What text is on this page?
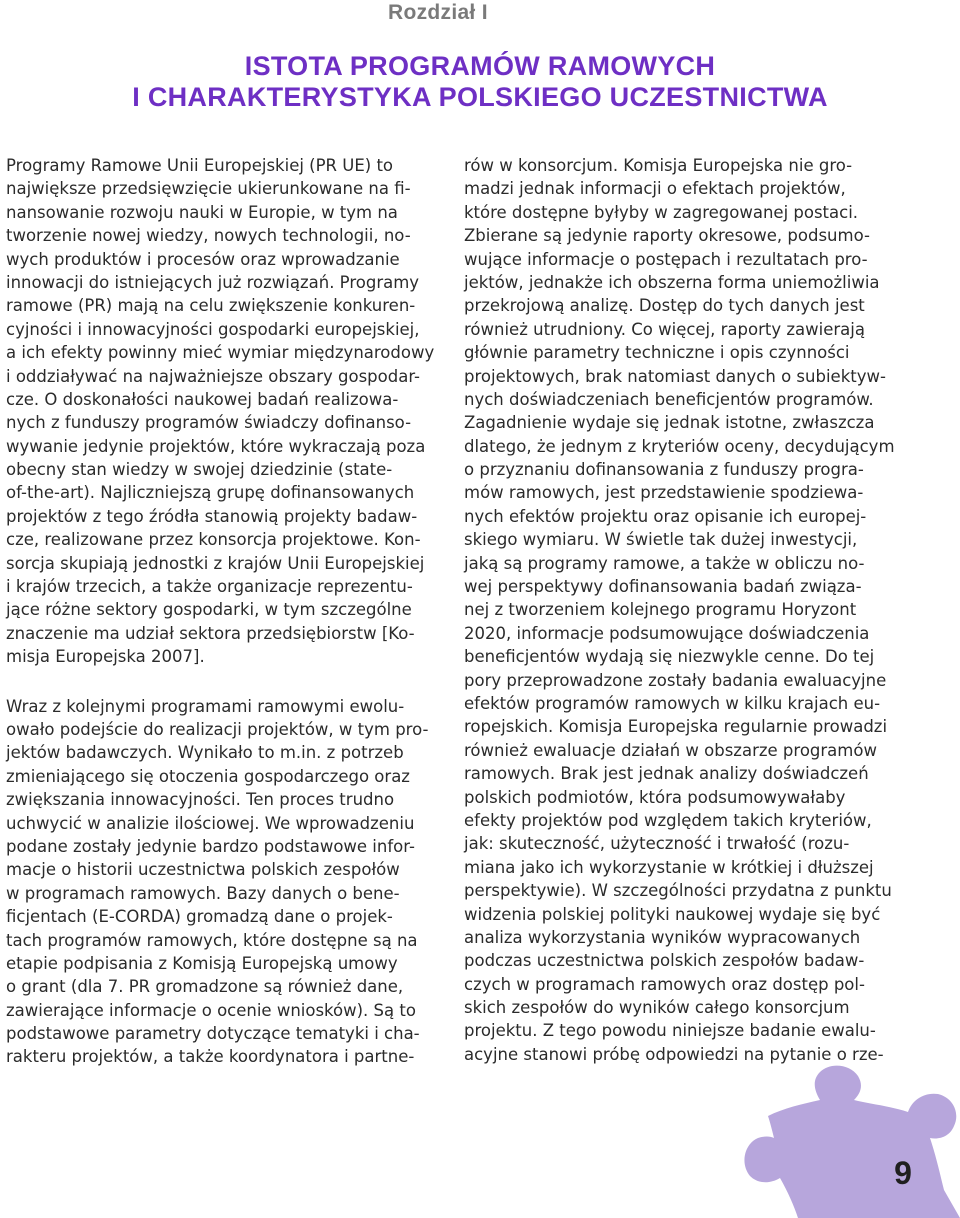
Rozdział I
ISTOTA PROGRAMÓW RAMOWYCH
I CHARAKTERYSTYKA POLSKIEGO UCZESTNICTWA
Programy Ramowe Unii Europejskiej (PR UE) to
największe przedsięwzięcie ukierunkowane na fi-
nansowanie rozwoju nauki w Europie, w tym na
tworzenie nowej wiedzy, nowych technologii, no-
wych produktów i procesów oraz wprowadzanie
innowacji do istniejących już rozwiązań. Programy
ramowe (PR) mają na celu zwiększenie konkuren-
cyjności i innowacyjności gospodarki europejskiej,
a ich efekty powinny mieć wymiar międzynarodowy
i oddziaływać na najważniejsze obszary gospodar-
cze. O doskonałości naukowej badań realizowa-
nych z funduszy programów świadczy dofinanso-
wywanie jedynie projektów, które wykraczają poza
obecny stan wiedzy w swojej dziedzinie (state-
of-the-art). Najliczniejszą grupę dofinansowanych
projektów z tego źródła stanowią projekty badaw-
cze, realizowane przez konsorcja projektowe. Kon-
sorcja skupiają jednostki z krajów Unii Europejskiej
i krajów trzecich, a także organizacje reprezentu-
jące różne sektory gospodarki, w tym szczególne
znaczenie ma udział sektora przedsiębiorstw [Ko-
misja Europejska 2007].
Wraz z kolejnymi programami ramowymi ewolu-
owało podejście do realizacji projektów, w tym pro-
jektów badawczych. Wynikało to m.in. z potrzeb
zmieniającego się otoczenia gospodarczego oraz
zwiększania innowacyjności. Ten proces trudno
uchwycić w analizie ilościowej. We wprowadzeniu
podane zostały jedynie bardzo podstawowe infor-
macje o historii uczestnictwa polskich zespołów
w programach ramowych. Bazy danych o bene-
ficjentach (E-CORDA) gromadzą dane o projek-
tach programów ramowych, które dostępne są na
etapie podpisania z Komisją Europejską umowy
o grant (dla 7. PR gromadzone są również dane,
zawierające informacje o ocenie wniosków). Są to
podstawowe parametry dotyczące tematyki i cha-
rakteru projektów, a także koordynatora i partne-
rów w konsorcjum. Komisja Europejska nie gro-
madzi jednak informacji o efektach projektów,
które dostępne byłyby w zagregowanej postaci.
Zbierane są jedynie raporty okresowe, podsumo-
wujące informacje o postępach i rezultatach pro-
jektów, jednakże ich obszerna forma uniemożliwia
przekrojową analizę. Dostęp do tych danych jest
również utrudniony. Co więcej, raporty zawierają
głównie parametry techniczne i opis czynności
projektowych, brak natomiast danych o subiektyw-
nych doświadczeniach beneficjentów programów.
Zagadnienie wydaje się jednak istotne, zwłaszcza
dlatego, że jednym z kryteriów oceny, decydującym
o przyznaniu dofinansowania z funduszy progra-
mów ramowych, jest przedstawienie spodziewa-
nych efektów projektu oraz opisanie ich europej-
skiego wymiaru. W świetle tak dużej inwestycji,
jaką są programy ramowe, a także w obliczu no-
wej perspektywy dofinansowania badań związa-
nej z tworzeniem kolejnego programu Horyzont
2020, informacje podsumowujące doświadczenia
beneficjentów wydają się niezwykle cenne. Do tej
pory przeprowadzone zostały badania ewaluacyjne
efektów programów ramowych w kilku krajach eu-
ropejskich. Komisja Europejska regularnie prowadzi
również ewaluacje działań w obszarze programów
ramowych. Brak jest jednak analizy doświadczeń
polskich podmiotów, która podsumowywałaby
efekty projektów pod względem takich kryteriów,
jak: skuteczność, użyteczność i trwałość (rozu-
miana jako ich wykorzystanie w krótkiej i dłuższej
perspektywie). W szczególności przydatna z punktu
widzenia polskiej polityki naukowej wydaje się być
analiza wykorzystania wyników wypracowanych
podczas uczestnictwa polskich zespołów badaw-
czych w programach ramowych oraz dostęp pol-
skich zespołów do wyników całego konsorcjum
projektu. Z tego powodu niniejsze badanie ewalu-
acyjne stanowi próbę odpowiedzi na pytanie o rze-
9
